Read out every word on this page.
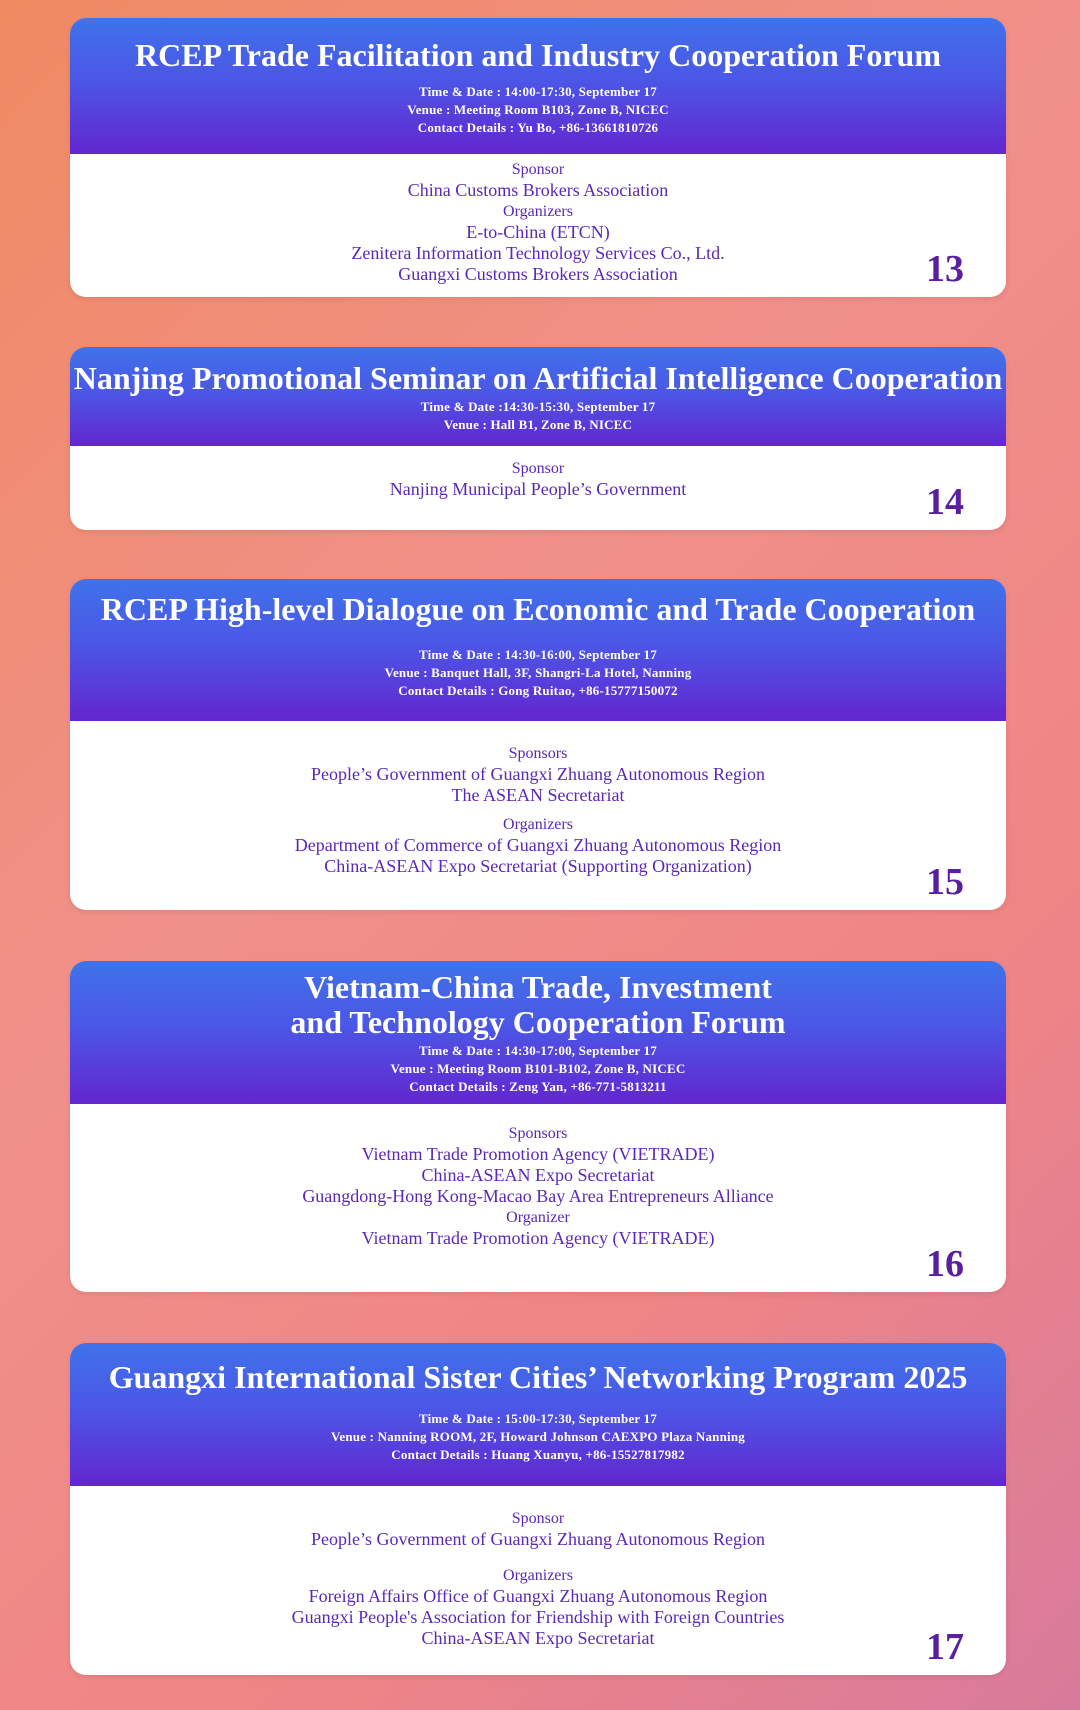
RCEP Trade Facilitation and Industry Cooperation Forum
Time & Date : 14:00-17:30, September 17
Venue : Meeting Room B103, Zone B, NICEC
Contact Details : Yu Bo, +86-13661810726
Sponsor
China Customs Brokers Association
Organizers
E-to-China (ETCN)
Zenitera Information Technology Services Co., Ltd.
Guangxi Customs Brokers Association	13
Nanjing Promotional Seminar on Artificial Intelligence Cooperation
Time & Date :14:30-15:30, September 17
Venue : Hall B1, Zone B, NICEC
Sponsor
Nanjing Municipal People’s Government	14
RCEP High-level Dialogue on Economic and Trade Cooperation
Time & Date : 14:30-16:00, September 17
Venue : Banquet Hall, 3F, Shangri-La Hotel, Nanning
Contact Details : Gong Ruitao, +86-15777150072
Sponsors
People’s Government of Guangxi Zhuang Autonomous Region
The ASEAN Secretariat
Organizers
Department of Commerce of Guangxi Zhuang Autonomous Region
China-ASEAN Expo Secretariat (Supporting Organization)	15
Vietnam-China Trade, Investment
and Technology Cooperation Forum
Time & Date : 14:30-17:00, September 17
Venue : Meeting Room B101-B102, Zone B, NICEC
Contact Details : Zeng Yan, +86-771-5813211
Sponsors
Vietnam Trade Promotion Agency (VIETRADE)
China-ASEAN Expo Secretariat
Guangdong-Hong Kong-Macao Bay Area Entrepreneurs Alliance
Organizer
Vietnam Trade Promotion Agency (VIETRADE)
16
Guangxi International Sister Cities’ Networking Program 2025
Time & Date : 15:00-17:30, September 17
Venue : Nanning ROOM, 2F, Howard Johnson CAEXPO Plaza Nanning
Contact Details : Huang Xuanyu, +86-15527817982
Sponsor
People’s Government of Guangxi Zhuang Autonomous Region
Organizers
Foreign Affairs Office of Guangxi Zhuang Autonomous Region
Guangxi People's Association for Friendship with Foreign Countries
China-ASEAN Expo Secretariat	17
